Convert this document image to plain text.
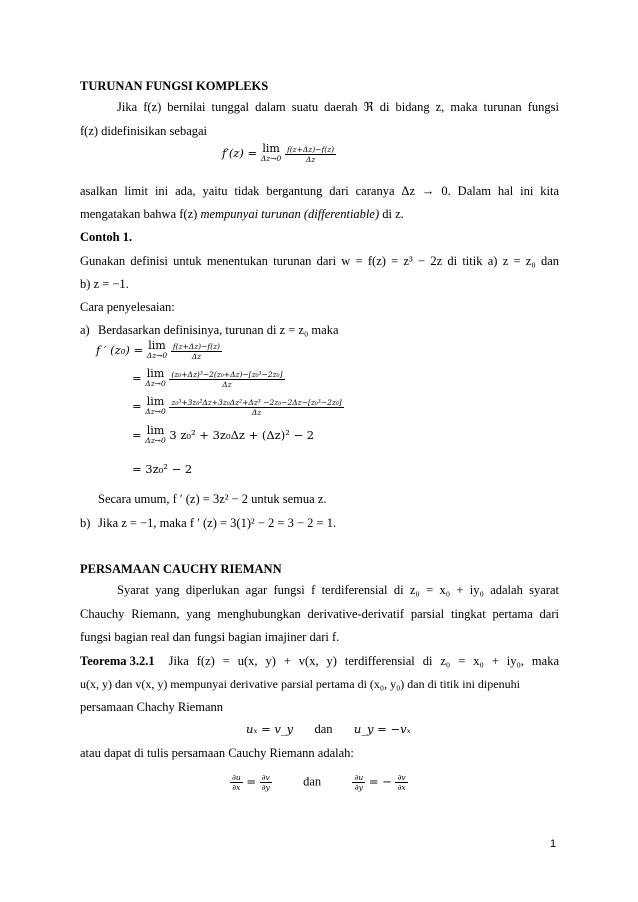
TURUNAN FUNGSI KOMPLEKS
Jika f(z) bernilai tunggal dalam suatu daerah ℜ di bidang z, maka turunan fungsi
f(z) didefinisikan sebagai
f′(z) = lim
Δz→0
$\frac{f(z+\Delta z)-f(z)}{\Delta z}$
asalkan limit ini ada, yaitu tidak bergantung dari caranya Δz → 0. Dalam hal ini kita
mengatakan bahwa f(z) mempunyai turunan (differentiable) di z.
Contoh 1.
Gunakan definisi untuk menentukan turunan dari w = f(z) = z³ − 2z di titik a) z = z₀ dan
b) z = −1.
Cara penyelesaian:
a) Berdasarkan definisinya, turunan di z = z₀ maka
f ′ (z₀) = lim
Δz→0
$\frac{f(z+\Delta z)-f(z)}{\Delta z}$
= lim
Δz→0
$\frac{\text{(z₀+Δz)³−2(z₀+Δz)−[z₀³−2z₀]}}{\Delta z}$
= lim
Δz→0
$\frac{\text{z₀³+3z₀²Δz+3z₀Δz²+Δz³ −2z₀−2Δz−[z₀³−2z₀]}}{\Delta z}$
= lim
Δz→0 3 z₀² + 3z₀Δz + (Δz)² − 2
= 3z₀² − 2
Secara umum, f ′ (z) = 3z² − 2 untuk semua z.
b) Jika z = −1, maka f ′ (z) = 3(1)² − 2 = 3 − 2 = 1.
PERSAMAAN CAUCHY RIEMANN
Syarat yang diperlukan agar fungsi f terdiferensial di z₀ = x₀ + iy₀ adalah syarat
Chauchy Riemann, yang menghubungkan derivative-derivatif parsial tingkat pertama dari
fungsi bagian real dan fungsi bagian imajiner dari f.
Teorema 3.2.1 Jika f(z) = u(x, y) + v(x, y) terdifferensial di z₀ = x₀ + iy₀, maka
u(x, y) dan v(x, y) mempunyai derivative parsial pertama di (x₀, y₀) dan di titik ini dipenuhi
persamaan Chachy Riemann
uₓ = v_y dan u_y = −vₓ
atau dapat di tulis persamaan Cauchy Riemann adalah:
$\frac{\partial u}{\partial x} = \frac{\partial v}{\partial y}$	dan	$\frac{\partial u}{\partial y}$ = − $\frac{\partial v}{\partial x}$
1
